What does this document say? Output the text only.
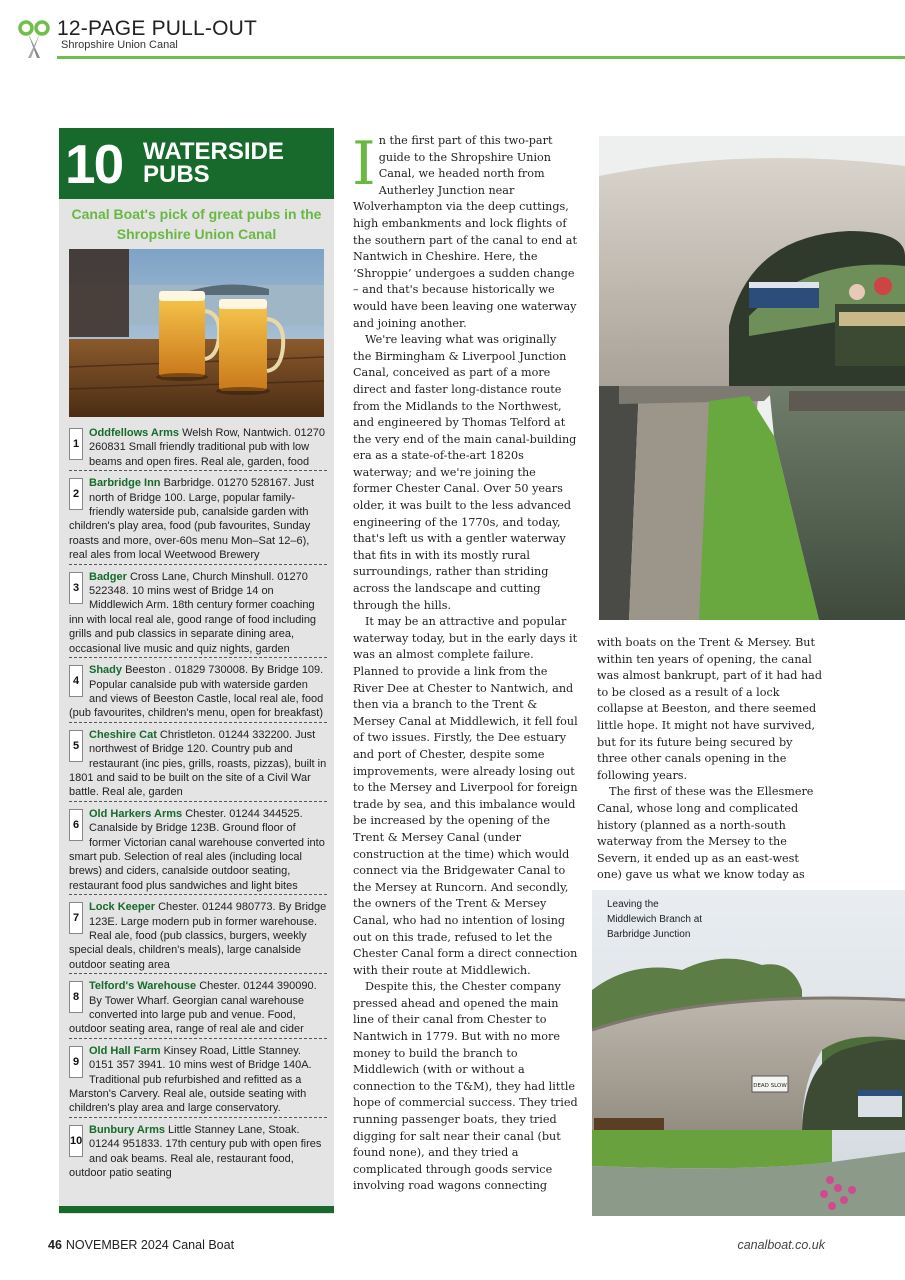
12-PAGE PULL-OUT
Shropshire Union Canal
10 WATERSIDE
PUBS
Canal Boat's pick of great pubs in the Shropshire Union Canal
1
Oddfellows Arms Welsh Row, Nantwich. 01270 260831 Small friendly traditional pub with low beams and open fires. Real ale, garden, food
2
Barbridge Inn Barbridge. 01270 528167. Just north of Bridge 100. Large, popular family-friendly waterside pub, canalside garden with children's play area, food (pub favourites, Sunday roasts and more, over-60s menu Mon–Sat 12–6), real ales from local Weetwood Brewery
3
Badger Cross Lane, Church Minshull. 01270 522348. 10 mins west of Bridge 14 on Middlewich Arm. 18th century former coaching inn with local real ale, good range of food including grills and pub classics in separate dining area, occasional live music and quiz nights, garden
4
Shady Beeston . 01829 730008. By Bridge 109. Popular canalside pub with waterside garden and views of Beeston Castle, local real ale, food (pub favourites, children's menu, open for breakfast)
5
Cheshire Cat Christleton. 01244 332200. Just northwest of Bridge 120. Country pub and restaurant (inc pies, grills, roasts, pizzas), built in 1801 and said to be built on the site of a Civil War battle. Real ale, garden
6
Old Harkers Arms Chester. 01244 344525. Canalside by Bridge 123B. Ground floor of former Victorian canal warehouse converted into smart pub. Selection of real ales (including local brews) and ciders, canalside outdoor seating, restaurant food plus sandwiches and light bites
7
Lock Keeper Chester. 01244 980773. By Bridge 123E. Large modern pub in former warehouse. Real ale, food (pub classics, burgers, weekly special deals, children's meals), large canalside outdoor seating area
8
Telford's Warehouse Chester. 01244 390090. By Tower Wharf. Georgian canal warehouse converted into large pub and venue. Food, outdoor seating area, range of real ale and cider
9
Old Hall Farm Kinsey Road, Little Stanney. 0151 357 3941. 10 mins west of Bridge 140A. Traditional pub refurbished and refitted as a Marston's Carvery. Real ale, outside seating with children's play area and large conservatory.
10
Bunbury Arms Little Stanney Lane, Stoak. 01244 951833. 17th century pub with open fires and oak beams. Real ale, restaurant food, outdoor patio seating

In the first part of this two-part guide to the Shropshire Union Canal, we headed north from Autherley Junction near Wolverhampton via the deep cuttings, high embankments and lock flights of the southern part of the canal to end at Nantwich in Cheshire. Here, the ‘Shroppie’ undergoes a sudden change – and that's because historically we would have been leaving one waterway and joining another.

We're leaving what was originally the Birmingham & Liverpool Junction Canal, conceived as part of a more direct and faster long-distance route from the Midlands to the Northwest, and engineered by Thomas Telford at the very end of the main canal-building era as a state-of-the-art 1820s waterway; and we're joining the former Chester Canal. Over 50 years older, it was built to the less advanced engineering of the 1770s, and today, that's left us with a gentler waterway that fits in with its mostly rural surroundings, rather than striding across the landscape and cutting through the hills.

It may be an attractive and popular waterway today, but in the early days it was an almost complete failure. Planned to provide a link from the River Dee at Chester to Nantwich, and then via a branch to the Trent & Mersey Canal at Middlewich, it fell foul of two issues. Firstly, the Dee estuary and port of Chester, despite some improvements, were already losing out to the Mersey and Liverpool for foreign trade by sea, and this imbalance would be increased by the opening of the Trent & Mersey Canal (under construction at the time) which would connect via the Bridgewater Canal to the Mersey at Runcorn. And secondly, the owners of the Trent & Mersey Canal, who had no intention of losing out on this trade, refused to let the Chester Canal form a direct connection with their route at Middlewich.

Despite this, the Chester company pressed ahead and opened the main line of their canal from Chester to Nantwich in 1779. But with no more money to build the branch to Middlewich (with or without a connection to the T&M), they had little hope of commercial success. They tried running passenger boats, they tried digging for salt near their canal (but found none), and they tried a complicated through goods service involving road wagons connecting

with boats on the Trent & Mersey. But within ten years of opening, the canal was almost bankrupt, part of it had had to be closed as a result of a lock collapse at Beeston, and there seemed little hope. It might not have survived, but for its future being secured by three other canals opening in the following years.

The first of these was the Ellesmere Canal, whose long and complicated history (planned as a north-south waterway from the Mersey to the Severn, it ended up as an east-west one) gave us what we know today as

DEAD SLOW
Leaving the Middlewich Branch at Barbridge Junction
46 NOVEMBER 2024 Canal Boat	canalboat.co.uk
